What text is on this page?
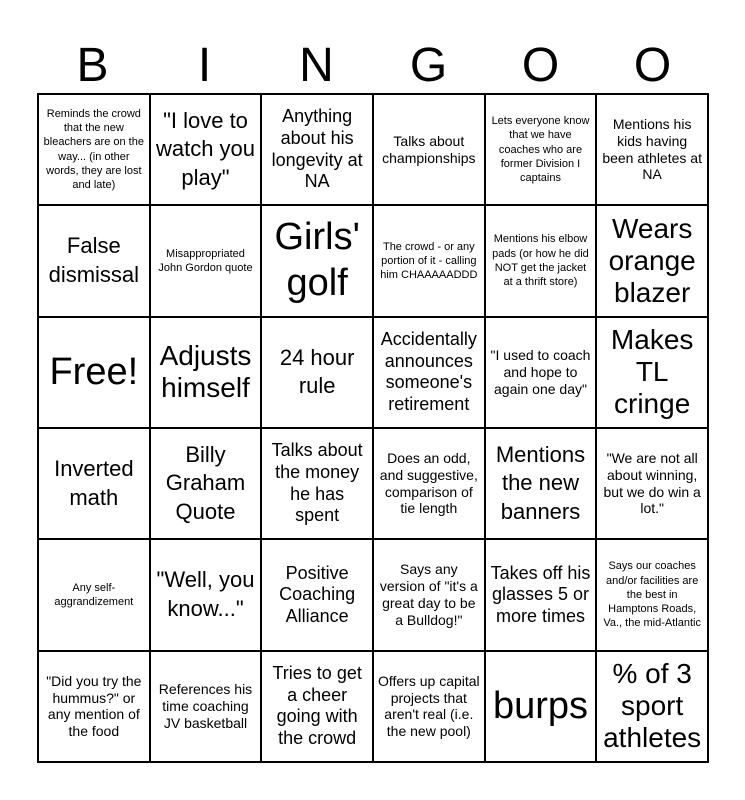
B	I	N	G	O	O
Reminds the crowd that the new bleachers are on the way... (in other words, they are lost and late)
"I love to watch you play"
Anything about his longevity at NA
Talks about championships
Lets everyone know that we have coaches who are former Division I captains
Mentions his kids having been athletes at NA
False dismissal
Misappropriated John Gordon quote
Girls' golf
The crowd - or any portion of it - calling him CHAAAAADDD
Mentions his elbow pads (or how he did NOT get the jacket at a thrift store)
Wears orange blazer
Free! Adjusts himself
24 hour rule
Accidentally announces someone's retirement
"I used to coach and hope to again one day"
Makes TL cringe
Inverted math
Billy Graham Quote
Talks about the money he has spent
Does an odd, and suggestive, comparison of tie length
Mentions the new banners
"We are not all about winning, but we do win a lot."
Any self-aggrandizement
"Well, you know..."
Positive Coaching Alliance
Says any version of "it's a great day to be a Bulldog!"
Takes off his glasses 5 or more times
Says our coaches and/or facilities are the best in Hamptons Roads, Va., the mid-Atlantic
"Did you try the hummus?" or any mention of the food
References his time coaching JV basketball
Tries to get a cheer going with the crowd
Offers up capital projects that aren't real (i.e. the new pool)
burps
% of 3 sport athletes
